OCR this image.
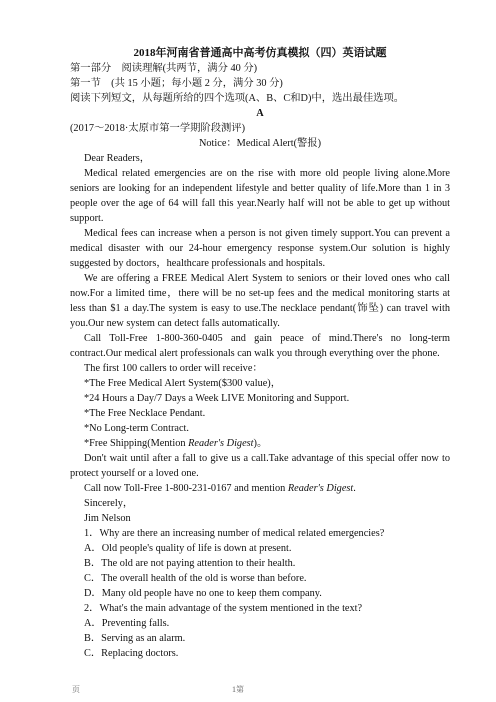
2018年河南省普通高中高考仿真模拟（四）英语试题

第一部分　阅读理解(共两节，满分 40 分)

第一节　(共 15 小题；每小题 2 分，满分 30 分)

阅读下列短文，从每题所给的四个选项(A、B、C和D)中，选出最佳选项。

A

(2017～2018·太原市第一学期阶段测评)

Notice：Medical Alert(警报)

Dear Readers，

Medical related emergencies are on the rise with more old people living alone.More seniors are looking for an independent lifestyle and better quality of life.More than 1 in 3 people over the age of 64 will fall this year.Nearly half will not be able to get up without support.

Medical fees can increase when a person is not given timely support.You can prevent a medical disaster with our 24-hour emergency response system.Our solution is highly suggested by doctors，healthcare professionals and hospitals.

We are offering a FREE Medical Alert System to seniors or their loved ones who call now.For a limited time，there will be no set-up fees and the medical monitoring starts at less than $1 a day.The system is easy to use.The necklace pendant(饰坠) can travel with you.Our new system can detect falls automatically.

Call Toll-Free 1-800-360-0405 and gain peace of mind.There's no long-term contract.Our medical alert professionals can walk you through everything over the phone.

The first 100 callers to order will receive：

*The Free Medical Alert System($300 value)，

*24 Hours a Day/7 Days a Week LIVE Monitoring and Support.

*The Free Necklace Pendant.

*No Long-term Contract.

*Free Shipping(Mention Reader's Digest)。

Don't wait until after a fall to give us a call.Take advantage of this special offer now to protect yourself or a loved one.

Call now Toll-Free 1-800-231-0167 and mention Reader's Digest.

Sincerely，

Jim Nelson

1．Why are there an increasing number of medical related emergencies?

A．Old people's quality of life is down at present.

B．The old are not paying attention to their health.

C．The overall health of the old is worse than before.

D．Many old people have no one to keep them company.

2．What's the main advantage of the system mentioned in the text?

A．Preventing falls.

B．Serving as an alarm.

C．Replacing doctors.

页	1第
